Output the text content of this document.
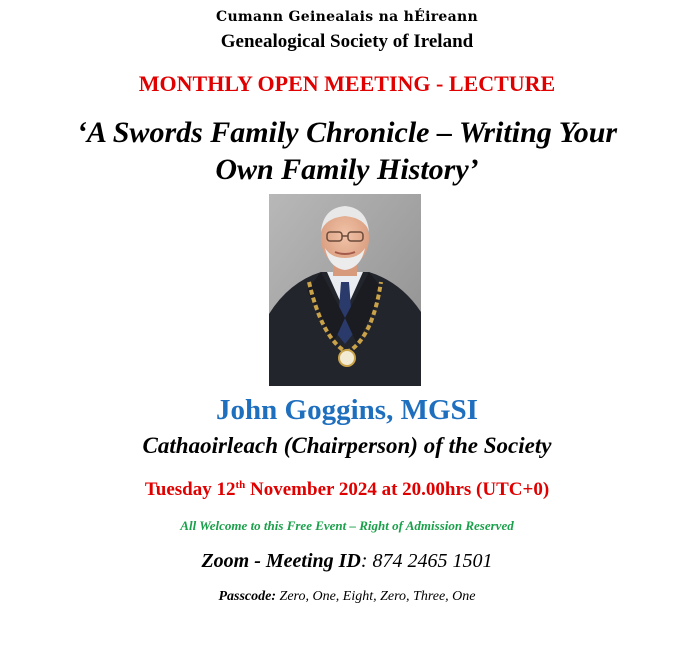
Cumann Geinealais na hÉireann
Genealogical Society of Ireland
MONTHLY OPEN MEETING - LECTURE
‘A Swords Family Chronicle – Writing Your
Own Family History’
John Goggins, MGSI
Cathaoirleach (Chairperson) of the Society
Tuesday 12th November 2024 at 20.00hrs (UTC+0)
All Welcome to this Free Event – Right of Admission Reserved
Zoom - Meeting ID: 874 2465 1501
Passcode: Zero, One, Eight, Zero, Three, One
